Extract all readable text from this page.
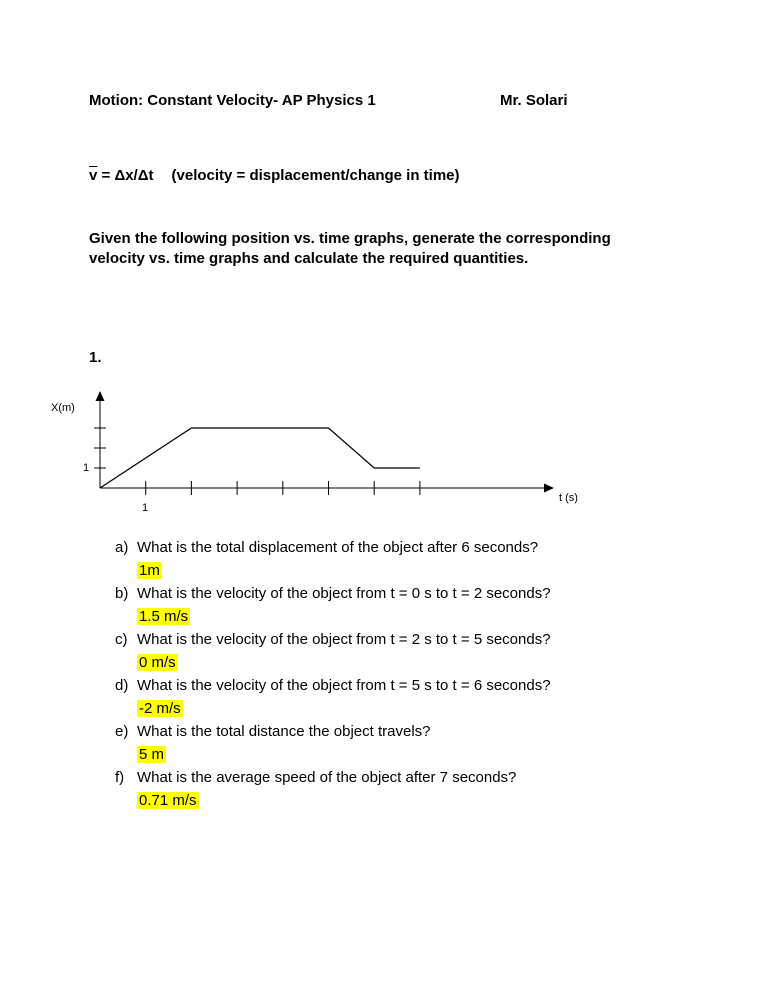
Motion: Constant Velocity- AP Physics 1	Mr. Solari
$\overline{v} = \Delta x/\Delta t$ (velocity = displacement/change in time)

Given the following position vs. time graphs, generate the corresponding velocity vs. time graphs and calculate the required quantities.

1.
X(m)
1
1
t (s)
a) What is the total displacement of the object after 6 seconds?
1m
b) What is the velocity of the object from t = 0 s to t = 2 seconds?
1.5 m/s
c) What is the velocity of the object from t = 2 s to t = 5 seconds?
0 m/s
d) What is the velocity of the object from t = 5 s to t = 6 seconds?
-2 m/s
e) What is the total distance the object travels?
5 m
f) What is the average speed of the object after 7 seconds?
0.71 m/s
